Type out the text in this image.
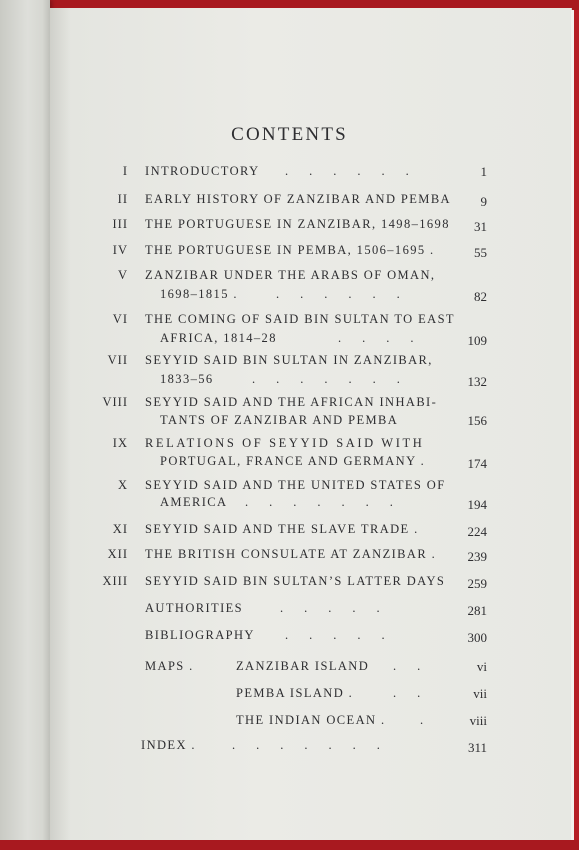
CONTENTS
I INTRODUCTORY ......	1
II EARLY HISTORY OF ZANZIBAR AND PEMBA	9
III THE PORTUGUESE IN ZANZIBAR, 1498–1698	31
IV THE PORTUGUESE IN PEMBA, 1506–1695 .	55
V ZANZIBAR UNDER THE ARABS OF OMAN,
1698–1815 .	......	82
VI THE COMING OF SAID BIN SULTAN TO EAST
AFRICA, 1814–28	....	109
VII SEYYID SAID BIN SULTAN IN ZANZIBAR,
1833–56	.......	132
VIII SEYYID SAID AND THE AFRICAN INHABI-
TANTS OF ZANZIBAR AND PEMBA	156
IX RELATIONS OF SEYYID SAID WITH
PORTUGAL, FRANCE AND GERMANY .	174
X SEYYID SAID AND THE UNITED STATES OF
AMERICA .......	194
XI SEYYID SAID AND THE SLAVE TRADE .	224
XII THE BRITISH CONSULATE AT ZANZIBAR .	239
XIII SEYYID SAID BIN SULTAN’S LATTER DAYS	259
AUTHORITIES	.....	281
BIBLIOGRAPHY .....	300
MAPS .	ZANZIBAR ISLAND ..	vi
PEMBA ISLAND .	..	vii
THE INDIAN OCEAN .	.	viii
INDEX .	.......	311
